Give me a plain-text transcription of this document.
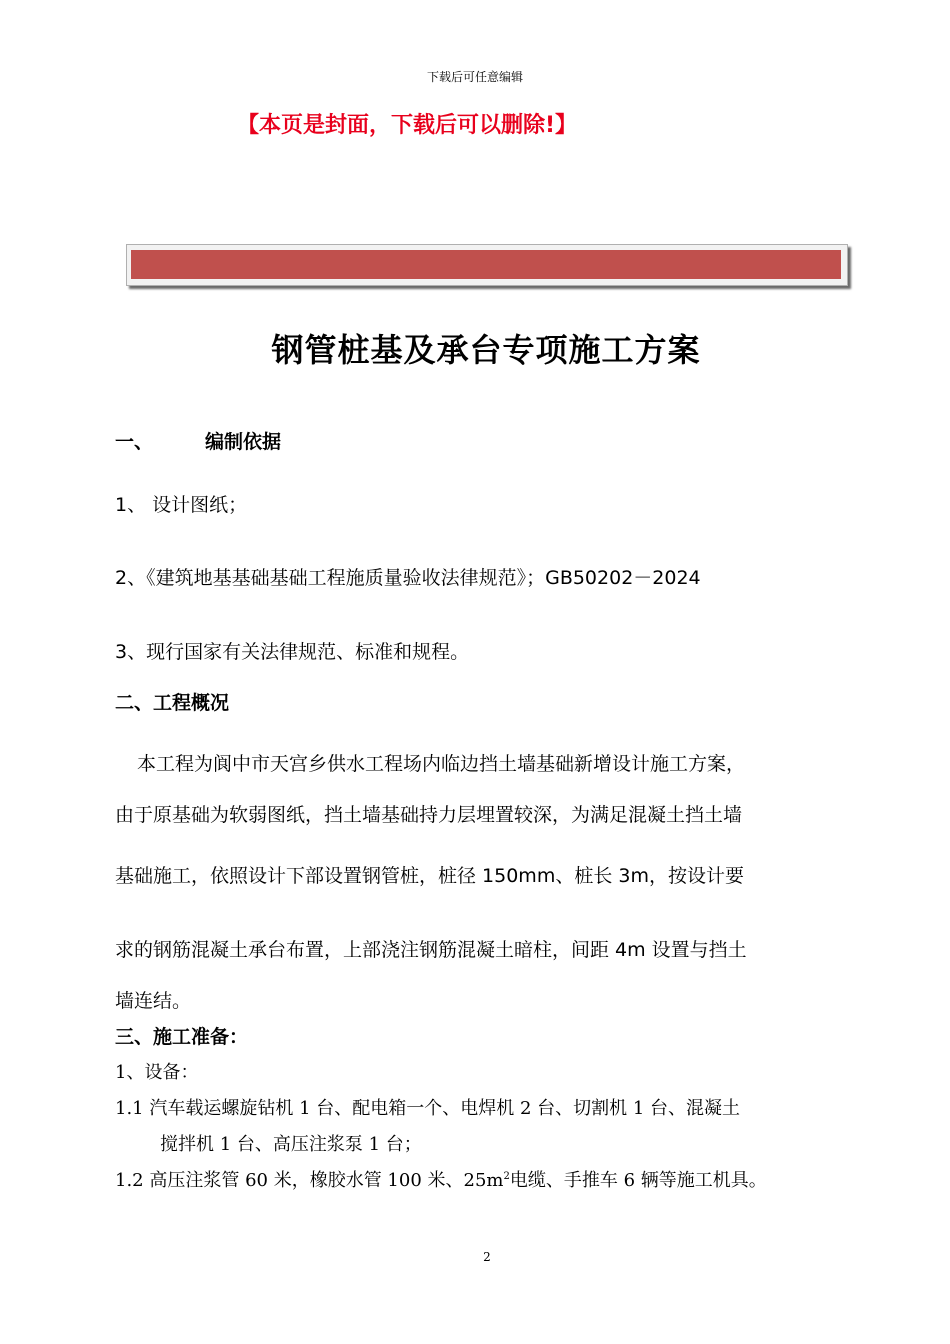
下载后可任意编辑
【本页是封面，下载后可以删除!】
钢管桩基及承台专项施工方案
一、	编制依据
1、 设计图纸；
2、《建筑地基基础基础工程施质量验收法律规范》；GB50202－2024
3、现行国家有关法律规范、标准和规程。
二、工程概况
本工程为阆中市天宫乡供水工程场内临边挡土墙基础新增设计施工方案，
由于原基础为软弱图纸，挡土墙基础持力层埋置较深，为满足混凝土挡土墙
基础施工，依照设计下部设置钢管桩，桩径 150mm、桩长 3m，按设计要
求的钢筋混凝土承台布置，上部浇注钢筋混凝土暗柱，间距 4m 设置与挡土
墙连结。
三、施工准备：
1、设备：
1.1 汽车载运螺旋钻机 1 台、配电箱一个、电焊机 2 台、切割机 1 台、混凝土
搅拌机 1 台、高压注浆泵 1 台；
1.2 高压注浆管 60 米，橡胶水管 100 米、$25m^2$电缆、手推车 6 辆等施工机具。
2
